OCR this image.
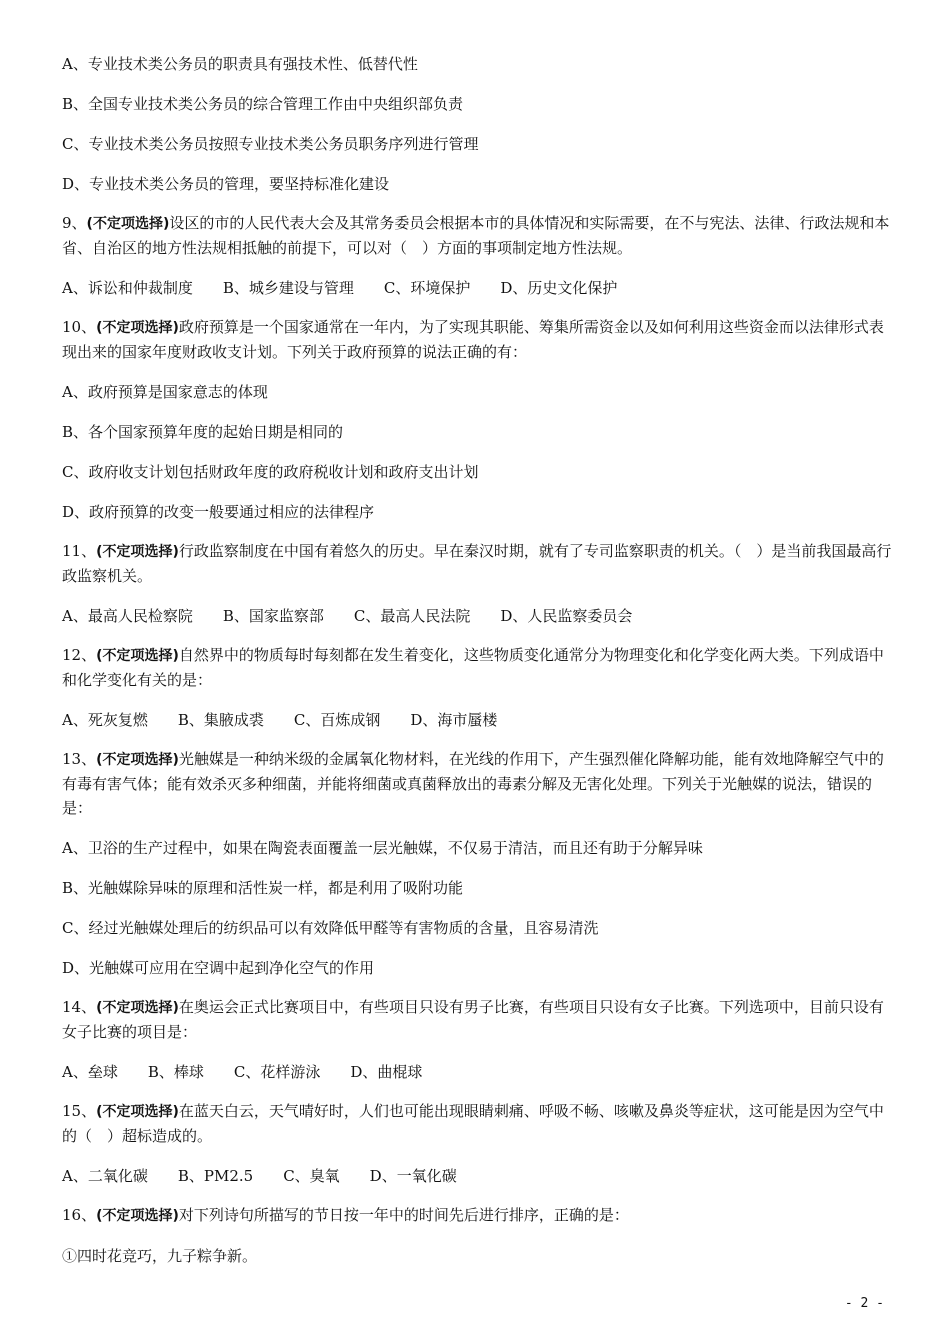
A、专业技术类公务员的职责具有强技术性、低替代性

B、全国专业技术类公务员的综合管理工作由中央组织部负责

C、专业技术类公务员按照专业技术类公务员职务序列进行管理

D、专业技术类公务员的管理，要坚持标准化建设

9、(不定项选择)设区的市的人民代表大会及其常务委员会根据本市的具体情况和实际需要，在不与宪法、法律、行政法规和本省、自治区的地方性法规相抵触的前提下，可以对（　）方面的事项制定地方性法规。

A、诉讼和仲裁制度 B、城乡建设与管理 C、环境保护 D、历史文化保护

10、(不定项选择)政府预算是一个国家通常在一年内，为了实现其职能、筹集所需资金以及如何利用这些资金而以法律形式表现出来的国家年度财政收支计划。下列关于政府预算的说法正确的有：

A、政府预算是国家意志的体现

B、各个国家预算年度的起始日期是相同的

C、政府收支计划包括财政年度的政府税收计划和政府支出计划

D、政府预算的改变一般要通过相应的法律程序

11、(不定项选择)行政监察制度在中国有着悠久的历史。早在秦汉时期，就有了专司监察职责的机关。（　）是当前我国最高行政监察机关。

A、最高人民检察院 B、国家监察部 C、最高人民法院 D、人民监察委员会

12、(不定项选择)自然界中的物质每时每刻都在发生着变化，这些物质变化通常分为物理变化和化学变化两大类。下列成语中和化学变化有关的是：

A、死灰复燃 B、集腋成裘 C、百炼成钢 D、海市蜃楼

13、(不定项选择)光触媒是一种纳米级的金属氧化物材料，在光线的作用下，产生强烈催化降解功能，能有效地降解空气中的有毒有害气体；能有效杀灭多种细菌，并能将细菌或真菌释放出的毒素分解及无害化处理。下列关于光触媒的说法，错误的是：

A、卫浴的生产过程中，如果在陶瓷表面覆盖一层光触媒，不仅易于清洁，而且还有助于分解异味

B、光触媒除异味的原理和活性炭一样，都是利用了吸附功能

C、经过光触媒处理后的纺织品可以有效降低甲醛等有害物质的含量，且容易清洗

D、光触媒可应用在空调中起到净化空气的作用

14、(不定项选择)在奥运会正式比赛项目中，有些项目只设有男子比赛，有些项目只设有女子比赛。下列选项中，目前只设有女子比赛的项目是：

A、垒球 B、棒球 C、花样游泳 D、曲棍球

15、(不定项选择)在蓝天白云，天气晴好时，人们也可能出现眼睛刺痛、呼吸不畅、咳嗽及鼻炎等症状，这可能是因为空气中的（　）超标造成的。

A、二氧化碳 B、PM2.5 C、臭氧 D、一氧化碳

16、(不定项选择)对下列诗句所描写的节日按一年中的时间先后进行排序，正确的是：

①四时花竞巧，九子粽争新。

- 2 -
